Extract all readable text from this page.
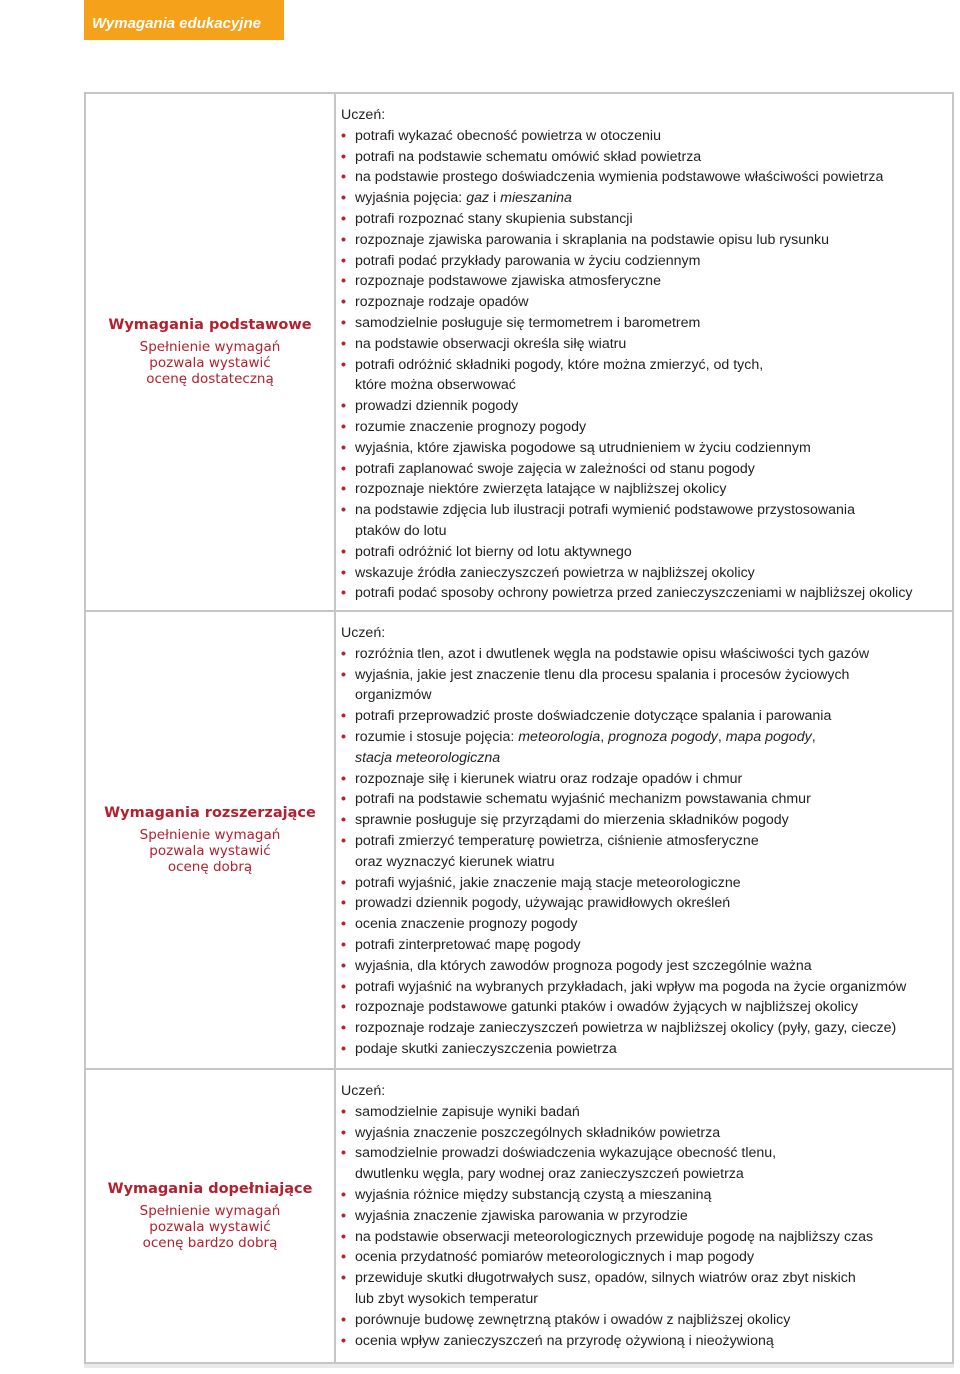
Wymagania edukacyjne
Wymagania podstawowe
Spełnienie wymagań
pozwala wystawić
ocenę dostateczną
Uczeń:
• potrafi wykazać obecność powietrza w otoczeniu
• potrafi na podstawie schematu omówić skład powietrza
• na podstawie prostego doświadczenia wymienia podstawowe właściwości powietrza
• wyjaśnia pojęcia: gaz i mieszanina
• potrafi rozpoznać stany skupienia substancji
• rozpoznaje zjawiska parowania i skraplania na podstawie opisu lub rysunku
• potrafi podać przykłady parowania w życiu codziennym
• rozpoznaje podstawowe zjawiska atmosferyczne
• rozpoznaje rodzaje opadów
• samodzielnie posługuje się termometrem i barometrem
• na podstawie obserwacji określa siłę wiatru
• potrafi odróżnić składniki pogody, które można zmierzyć, od tych,
które można obserwować
• prowadzi dziennik pogody
• rozumie znaczenie prognozy pogody
• wyjaśnia, które zjawiska pogodowe są utrudnieniem w życiu codziennym
• potrafi zaplanować swoje zajęcia w zależności od stanu pogody
• rozpoznaje niektóre zwierzęta latające w najbliższej okolicy
• na podstawie zdjęcia lub ilustracji potrafi wymienić podstawowe przystosowania
ptaków do lotu
• potrafi odróżnić lot bierny od lotu aktywnego
• wskazuje źródła zanieczyszczeń powietrza w najbliższej okolicy
• potrafi podać sposoby ochrony powietrza przed zanieczyszczeniami w najbliższej okolicy
Wymagania rozszerzające
Spełnienie wymagań
pozwala wystawić
ocenę dobrą
Uczeń:
• rozróżnia tlen, azot i dwutlenek węgla na podstawie opisu właściwości tych gazów
• wyjaśnia, jakie jest znaczenie tlenu dla procesu spalania i procesów życiowych
organizmów
• potrafi przeprowadzić proste doświadczenie dotyczące spalania i parowania
• rozumie i stosuje pojęcia: meteorologia, prognoza pogody, mapa pogody,
stacja meteorologiczna
• rozpoznaje siłę i kierunek wiatru oraz rodzaje opadów i chmur
• potrafi na podstawie schematu wyjaśnić mechanizm powstawania chmur
• sprawnie posługuje się przyrządami do mierzenia składników pogody
• potrafi zmierzyć temperaturę powietrza, ciśnienie atmosferyczne
oraz wyznaczyć kierunek wiatru
• potrafi wyjaśnić, jakie znaczenie mają stacje meteorologiczne
• prowadzi dziennik pogody, używając prawidłowych określeń
• ocenia znaczenie prognozy pogody
• potrafi zinterpretować mapę pogody
• wyjaśnia, dla których zawodów prognoza pogody jest szczególnie ważna
• potrafi wyjaśnić na wybranych przykładach, jaki wpływ ma pogoda na życie organizmów
• rozpoznaje podstawowe gatunki ptaków i owadów żyjących w najbliższej okolicy
• rozpoznaje rodzaje zanieczyszczeń powietrza w najbliższej okolicy (pyły, gazy, ciecze)
• podaje skutki zanieczyszczenia powietrza
Wymagania dopełniające
Spełnienie wymagań
pozwala wystawić
ocenę bardzo dobrą
Uczeń:
• samodzielnie zapisuje wyniki badań
• wyjaśnia znaczenie poszczególnych składników powietrza
• samodzielnie prowadzi doświadczenia wykazujące obecność tlenu,
dwutlenku węgla, pary wodnej oraz zanieczyszczeń powietrza
• wyjaśnia różnice między substancją czystą a mieszaniną
• wyjaśnia znaczenie zjawiska parowania w przyrodzie
• na podstawie obserwacji meteorologicznych przewiduje pogodę na najbliższy czas
• ocenia przydatność pomiarów meteorologicznych i map pogody
• przewiduje skutki długotrwałych susz, opadów, silnych wiatrów oraz zbyt niskich
lub zbyt wysokich temperatur
• porównuje budowę zewnętrzną ptaków i owadów z najbliższej okolicy
• ocenia wpływ zanieczyszczeń na przyrodę ożywioną i nieożywioną
